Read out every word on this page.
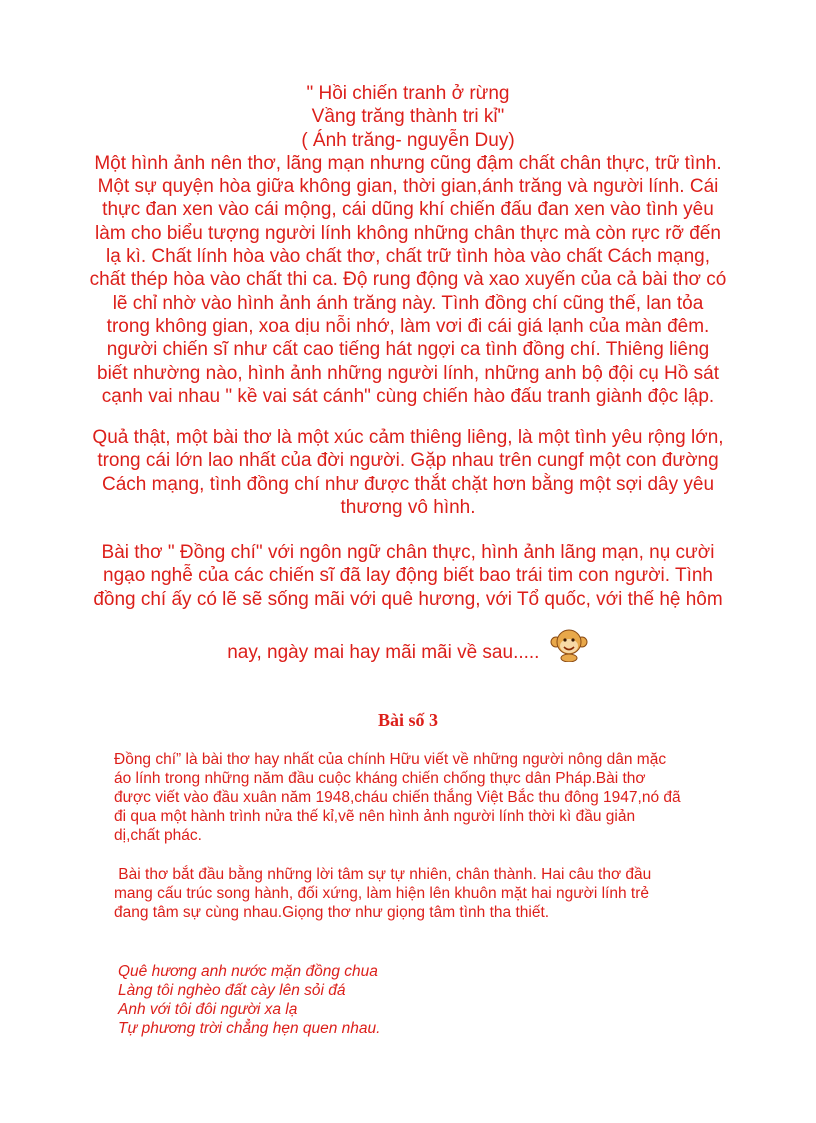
" Hồi chiến tranh ở rừng
Vầng trăng thành tri kỉ"
( Ánh trăng- nguyễn Duy)
Một hình ảnh nên thơ, lãng mạn nhưng cũng đậm chất chân thực, trữ tình.
Một sự quyện hòa giữa không gian, thời gian,ánh trăng và người lính. Cái
thực đan xen vào cái mộng, cái dũng khí chiến đấu đan xen vào tình yêu
làm cho biểu tượng người lính không những chân thực mà còn rực rỡ đến
lạ kì. Chất lính hòa vào chất thơ, chất trữ tình hòa vào chất Cách mạng,
chất thép hòa vào chất thi ca. Độ rung động và xao xuyến của cả bài thơ có
lẽ chỉ nhờ vào hình ảnh ánh trăng này. Tình đồng chí cũng thế, lan tỏa
trong không gian, xoa dịu nỗi nhớ, làm vơi đi cái giá lạnh của màn đêm.
người chiến sĩ như cất cao tiếng hát ngợi ca tình đồng chí. Thiêng liêng
biết nhường nào, hình ảnh những người lính, những anh bộ đội cụ Hồ sát
cạnh vai nhau " kề vai sát cánh" cùng chiến hào đấu tranh giành độc lập.
Quả thật, một bài thơ là một xúc cảm thiêng liêng, là một tình yêu rộng lớn,
trong cái lớn lao nhất của đời người. Gặp nhau trên cungf một con đường
Cách mạng, tình đồng chí như được thắt chặt hơn bằng một sợi dây yêu
thương vô hình.
Bài thơ " Đồng chí" với ngôn ngữ chân thực, hình ảnh lãng mạn, nụ cười
ngạo nghễ của các chiến sĩ đã lay động biết bao trái tim con người. Tình
đồng chí ấy có lẽ sẽ sống mãi với quê hương, với Tổ quốc, với thế hệ hôm
nay, ngày mai hay mãi mãi về sau.....
Bài số 3
Đồng chí” là bài thơ hay nhất của chính Hữu viết về những người nông dân mặc
áo lính trong những năm đầu cuộc kháng chiến chống thực dân Pháp.Bài thơ
được viết vào đầu xuân năm 1948,cháu chiến thắng Việt Bắc thu đông 1947,nó đã
đi qua một hành trình nửa thế kỉ,vẽ nên hình ảnh người lính thời kì đầu giản
dị,chất phác.
Bài thơ bắt đầu bằng những lời tâm sự tự nhiên, chân thành. Hai câu thơ đầu
mang cấu trúc song hành, đối xứng, làm hiện lên khuôn mặt hai người lính trẻ
đang tâm sự cùng nhau.Giọng thơ như giọng tâm tình tha thiết.
Quê hương anh nước mặn đồng chua
Làng tôi nghèo đất cày lên sỏi đá
Anh với tôi đôi người xa lạ
Tự phương trời chẳng hẹn quen nhau.
